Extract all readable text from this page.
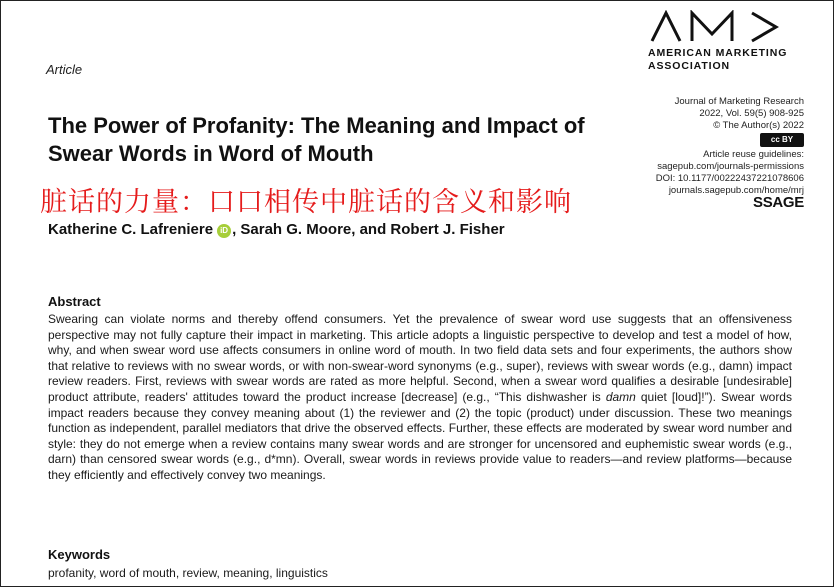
Article
AMERICAN MARKETING
ASSOCIATION
Journal of Marketing Research
2022, Vol. 59(5) 908-925
© The Author(s) 2022
cc BY
Article reuse guidelines:
sagepub.com/journals-permissions
DOI: 10.1177/00222437221078606
journals.sagepub.com/home/mrj
SSAGE
The Power of Profanity: The Meaning and Impact of Swear Words in Word of Mouth
脏话的力量：口口相传中脏话的含义和影响
Katherine C. Lafreniere iD , Sarah G. Moore, and Robert J. Fisher
Abstract
Swearing can violate norms and thereby offend consumers. Yet the prevalence of swear word use suggests that an offensiveness perspective may not fully capture their impact in marketing. This article adopts a linguistic perspective to develop and test a model of how, why, and when swear word use affects consumers in online word of mouth. In two field data sets and four experiments, the authors show that relative to reviews with no swear words, or with non-swear-word synonyms (e.g., super), reviews with swear words (e.g., damn) impact review readers. First, reviews with swear words are rated as more helpful. Second, when a swear word qualifies a desirable [undesirable] product attribute, readers' attitudes toward the product increase [decrease] (e.g., “This dishwasher is damn quiet [loud]!”). Swear words impact readers because they convey meaning about (1) the reviewer and (2) the topic (product) under discussion. These two meanings function as independent, parallel mediators that drive the observed effects. Further, these effects are moderated by swear word number and style: they do not emerge when a review contains many swear words and are stronger for uncensored and euphemistic swear words (e.g., darn) than censored swear words (e.g., d*mn). Overall, swear words in reviews provide value to readers—and review platforms—because they efficiently and effectively convey two meanings.
Keywords
profanity, word of mouth, review, meaning, linguistics
